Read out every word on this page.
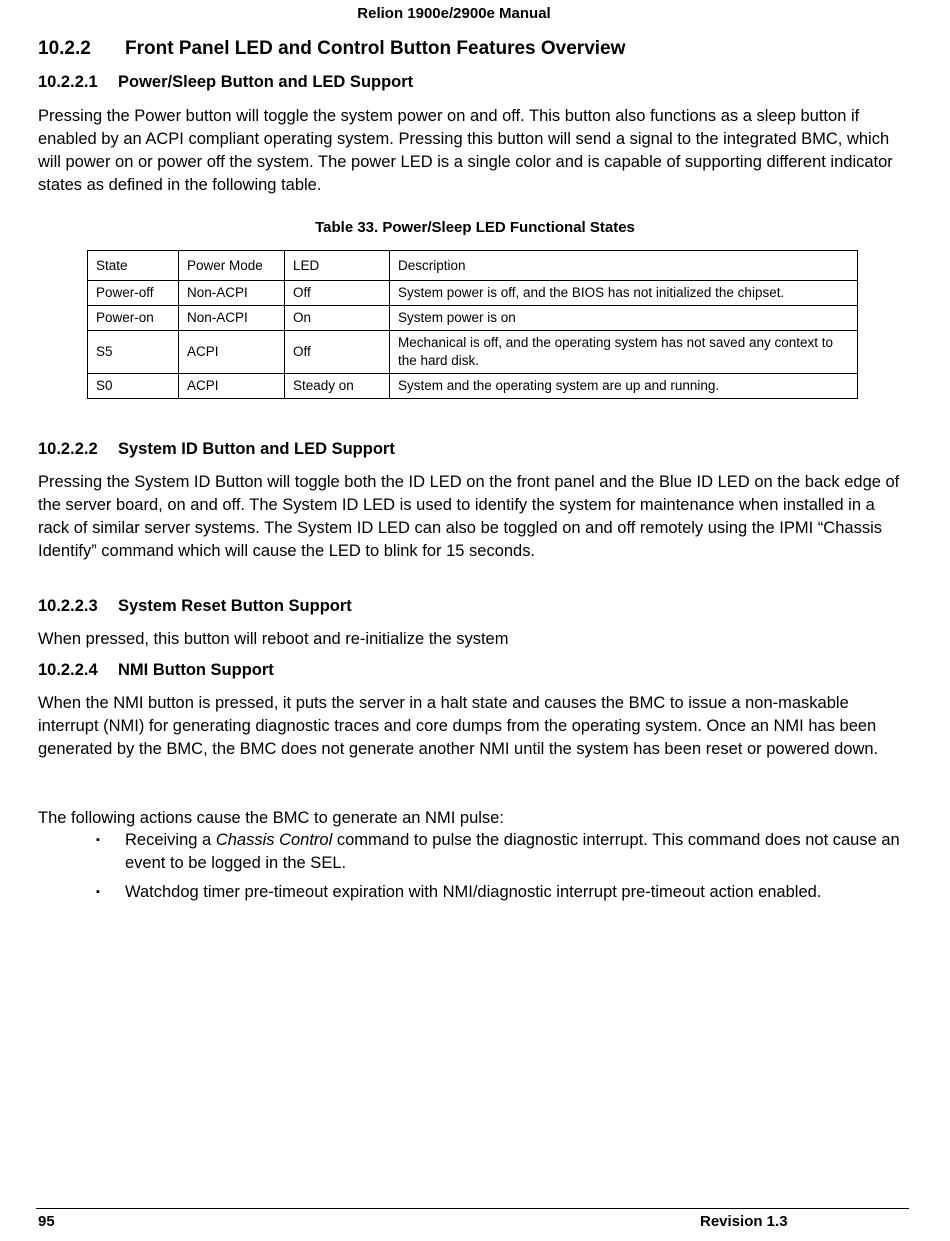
Relion 1900e/2900e Manual
10.2.2 Front Panel LED and Control Button Features Overview
10.2.2.1 Power/Sleep Button and LED Support

Pressing the Power button will toggle the system power on and off. This button also functions as a sleep button if enabled by an ACPI compliant operating system. Pressing this button will send a signal to the integrated BMC, which will power on or power off the system. The power LED is a single color and is capable of supporting different indicator states as defined in the following table.

Table 33. Power/Sleep LED Functional States
State	Power Mode	LED	Description
Power-off	Non-ACPI	Off	System power is off, and the BIOS has not initialized the chipset.
Power-on	Non-ACPI	On	System power is on
S5	ACPI	Off	Mechanical is off, and the operating system has not saved any context to the hard disk.
S0	ACPI	Steady on	System and the operating system are up and running.
10.2.2.2 System ID Button and LED Support

Pressing the System ID Button will toggle both the ID LED on the front panel and the Blue ID LED on the back edge of the server board, on and off. The System ID LED is used to identify the system for maintenance when installed in a rack of similar server systems. The System ID LED can also be toggled on and off remotely using the IPMI “Chassis Identify” command which will cause the LED to blink for 15 seconds.

10.2.2.3 System Reset Button Support

When pressed, this button will reboot and re-initialize the system

10.2.2.4 NMI Button Support

When the NMI button is pressed, it puts the server in a halt state and causes the BMC to issue a non-maskable interrupt (NMI) for generating diagnostic traces and core dumps from the operating system. Once an NMI has been generated by the BMC, the BMC does not generate another NMI until the system has been reset or powered down.

The following actions cause the BMC to generate an NMI pulse:

▪ Receiving a Chassis Control command to pulse the diagnostic interrupt. This command does not cause an event to be logged in the SEL.
▪ Watchdog timer pre-timeout expiration with NMI/diagnostic interrupt pre-timeout action enabled.
95	Revision 1.3
